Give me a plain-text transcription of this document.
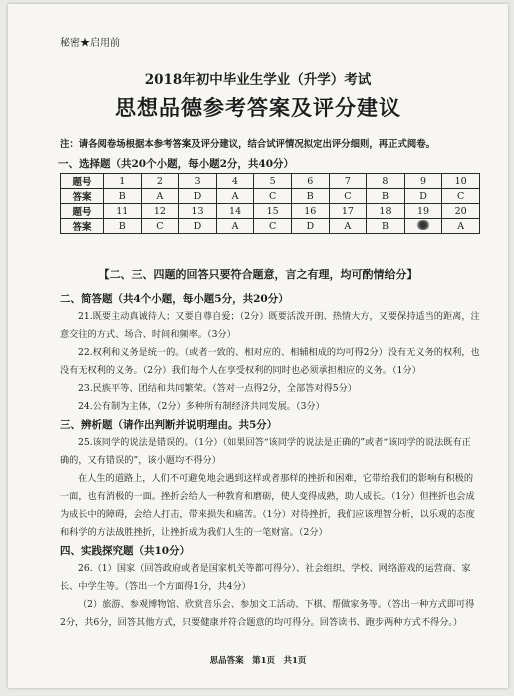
秘密★启用前
2018年初中毕业生学业（升学）考试
思想品德参考答案及评分建议
注：请各阅卷场根据本参考答案及评分建议，结合试评情况拟定出评分细则，再正式阅卷。
一、选择题（共20个小题，每小题2分，共40分）
题号	1	2	3	4	5	6	7	8	9	10
答案	B	A	D	A	C	B	C	B	D	C
题号	11	12	13	14	15	16	17	18	19	20
答案	B	C	D	A	C	D	A	B		A
【二、三、四题的回答只要符合题意，言之有理，均可酌情给分】

二、简答题（共4个小题，每小题5分，共20分）

21.既要主动真诚待人；又要自尊自爱；（2分）既要活泼开朗、热情大方，又要保持适当的距离，注意交往的方式、场合、时间和频率。（3分）

22.权利和义务是统一的。（或者一致的、相对应的、相辅相成的均可得2分）没有无义务的权利，也没有无权利的义务。（2分）我们每个人在享受权利的同时也必须承担相应的义务。（1分）

23.民族平等、团结和共同繁荣。（答对一点得2分，全部答对得5分）

24.公有制为主体，（2分）多种所有制经济共同发展。（3分）

三、辨析题（请作出判断并说明理由。共5分）

25.该同学的说法是错误的。（1分）（如果回答“该同学的说法是正确的”或者“该同学的说法既有正确的，又有错误的”，该小题均不得分）

在人生的道路上，人们不可避免地会遇到这样或者那样的挫折和困难，它带给我们的影响有积极的一面，也有消极的一面。挫折会给人一种教育和磨砺，使人变得成熟，助人成长。（1分）但挫折也会成为成长中的障碍，会给人打击，带来损失和痛苦。（1分）对待挫折，我们应该理智分析，以乐观的态度和科学的方法战胜挫折，让挫折成为我们人生的一笔财富。（2分）

四、实践探究题（共10分）

26.（1）国家（回答政府或者是国家机关等都可得分）、社会组织、学校、网络游戏的运营商、家长、中学生等。（答出一个方面得1分，共4分）

（2）旅游、参观博物馆、欣赏音乐会、参加文工活动、下棋、帮做家务等。（答出一种方式即可得2分，共6分，回答其他方式，只要健康并符合题意的均可得分。回答读书、跑步两种方式不得分。）

思品答案　第1页　共1页
